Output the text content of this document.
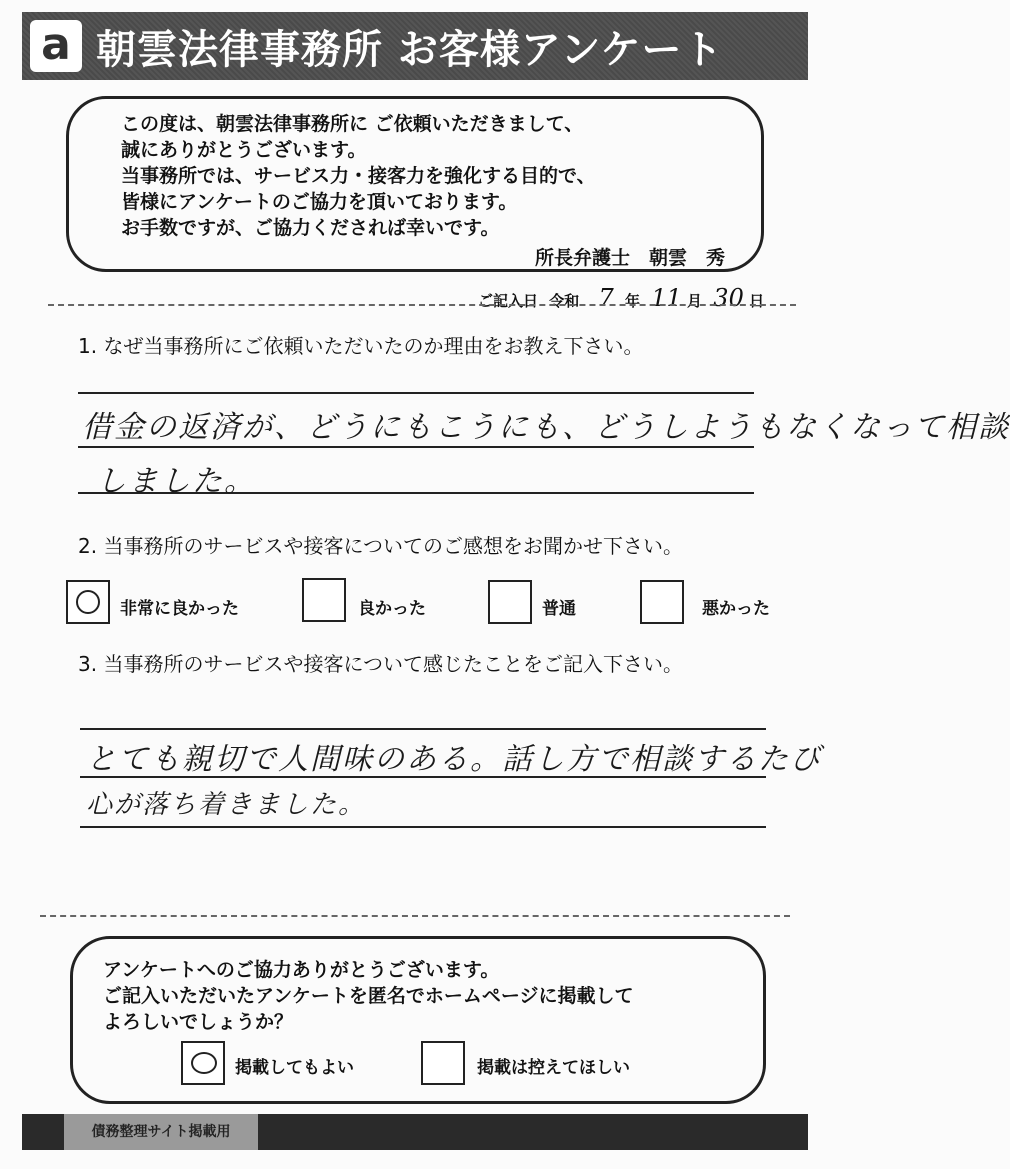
a 朝雲法律事務所 お客様アンケート
この度は、朝雲法律事務所に ご依頼いただきまして、
誠にありがとうございます。
当事務所では、サービス力・接客力を強化する目的で、
皆様にアンケートのご協力を頂いております。
お手数ですが、ご協力くだされば幸いです。
所長弁護士　朝雲　秀
ご記入日 令和 7 年 11 月 30 日
1. なぜ当事務所にご依頼いただいたのか理由をお教え下さい。
借金の返済が、どうにもこうにも、どうしようもなくなって相談
しました。
2. 当事務所のサービスや接客についてのご感想をお聞かせ下さい。
非常に良かった	良かった	普通	悪かった
3. 当事務所のサービスや接客について感じたことをご記入下さい。
とても親切で人間味のある。話し方で相談するたび
心が落ち着きました。
アンケートへのご協力ありがとうございます。
ご記入いただいたアンケートを匿名でホームページに掲載して
よろしいでしょうか？
掲載してもよい	掲載は控えてほしい
債務整理サイト掲載用
